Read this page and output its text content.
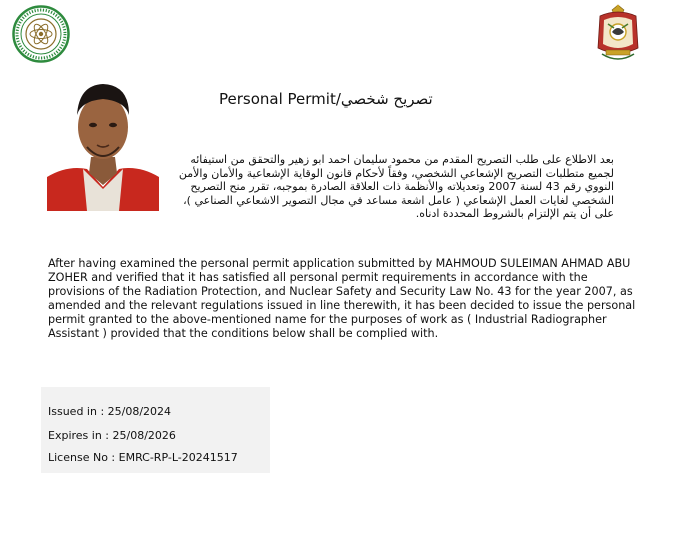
Personal Permit/تصريح شخصي
بعد الاطلاع على طلب التصريح المقدم من محمود سليمان احمد ابو زهير والتحقق من استيفائه لجميع متطلبات التصريح الإشعاعي الشخصي، وفقاً لأحكام قانون الوقاية الإشعاعية والأمان والأمن النووي رقم 43 لسنة 2007 وتعديلاته والأنظمة ذات العلاقة الصادرة بموجبه، تقرر منح التصريح الشخصي لغايات العمل الإشعاعي ( عامل اشعة مساعد في مجال التصوير الاشعاعي الصناعي )، على أن يتم الإلتزام بالشروط المحددة ادناه.
After having examined the personal permit application submitted by MAHMOUD SULEIMAN AHMAD ABU ZOHER and verified that it has satisfied all personal permit requirements in accordance with the provisions of the Radiation Protection, and Nuclear Safety and Security Law No. 43 for the year 2007, as amended and the relevant regulations issued in line therewith, it has been decided to issue the personal permit granted to the above-mentioned name for the purposes of work as ( Industrial Radiographer Assistant ) provided that the conditions below shall be complied with.
Issued in : 25/08/2024
Expires in : 25/08/2026
License No : EMRC-RP-L-20241517
